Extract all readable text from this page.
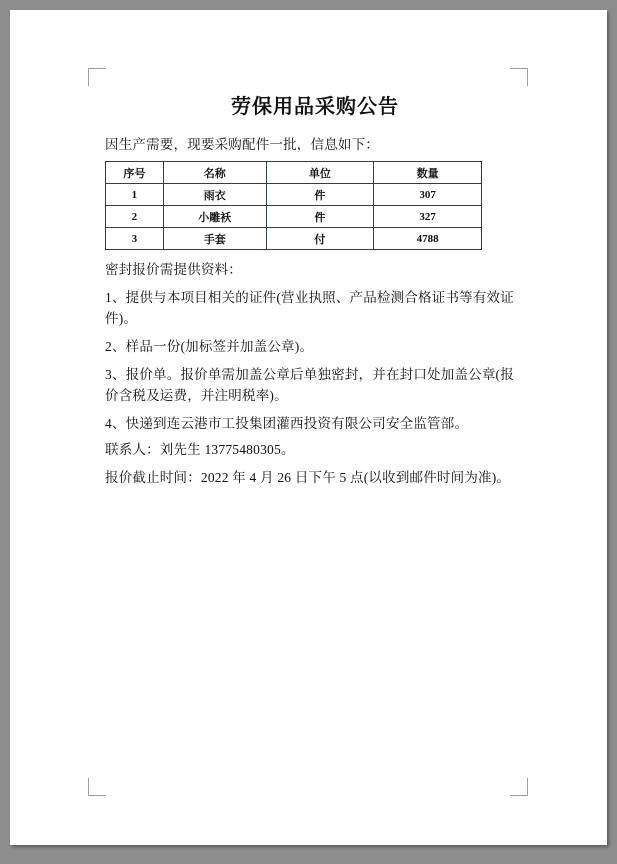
劳保用品采购公告

因生产需要，现要采购配件一批，信息如下：

序号	名称	单位	数量
1	雨衣	件	307
2	小雕袄	件	327
3	手套	付	4788

密封报价需提供资料：

1、提供与本项目相关的证件(营业执照、产品检测合格证书等有效证件)。

2、样品一份(加标签并加盖公章)。

3、报价单。报价单需加盖公章后单独密封，并在封口处加盖公章(报价含税及运费，并注明税率)。

4、快递到连云港市工投集团灌西投资有限公司安全监管部。

联系人：刘先生 13775480305。

报价截止时间：2022 年 4 月 26 日下午 5 点(以收到邮件时间为准)。
